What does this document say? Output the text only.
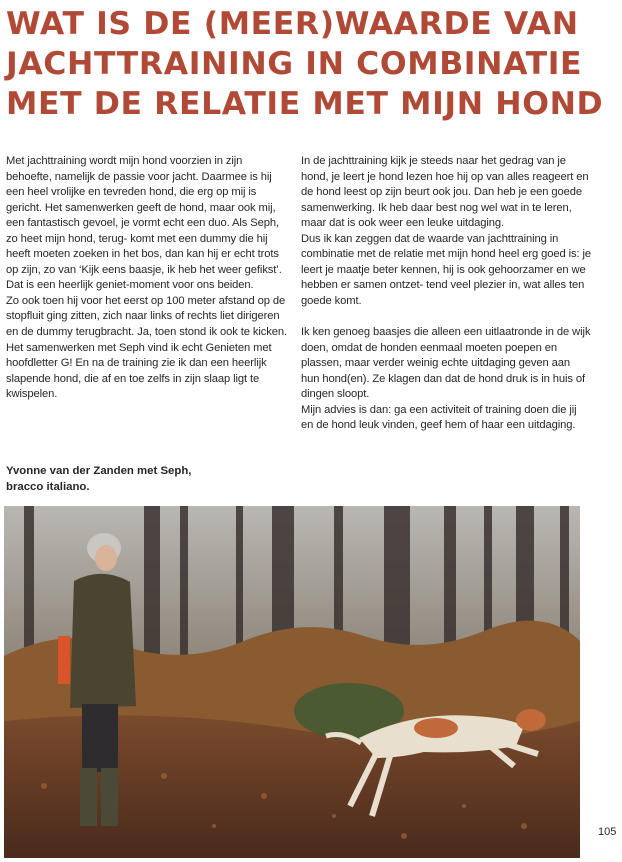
WAT IS DE (MEER)WAARDE VAN JACHTTRAINING IN COMBINATIE MET DE RELATIE MET MIJN HOND

Met jachttraining wordt mijn hond voorzien in zijn behoefte, namelijk de passie voor jacht. Daarmee is hij een heel vrolijke en tevreden hond, die erg op mij is gericht. Het samenwerken geeft de hond, maar ook mij, een fantastisch gevoel, je vormt echt een duo. Als Seph, zo heet mijn hond, terug- komt met een dummy die hij heeft moeten zoeken in het bos, dan kan hij er echt trots op zijn, zo van ‘Kijk eens baasje, ik heb het weer gefikst’. Dat is een heerlijk geniet-moment voor ons beiden.

Zo ook toen hij voor het eerst op 100 meter afstand op de stopfluit ging zitten, zich naar links of rechts liet dirigeren en de dummy terugbracht. Ja, toen stond ik ook te kicken. Het samenwerken met Seph vind ik echt Genieten met hoofdletter G! En na de training zie ik dan een heerlijk slapende hond, die af en toe zelfs in zijn slaap ligt te kwispelen.

In de jachttraining kijk je steeds naar het gedrag van je hond, je leert je hond lezen hoe hij op van alles reageert en de hond leest op zijn beurt ook jou. Dan heb je een goede samenwerking. Ik heb daar best nog wel wat in te leren, maar dat is ook weer een leuke uitdaging.

Dus ik kan zeggen dat de waarde van jachttraining in combinatie met de relatie met mijn hond heel erg goed is: je leert je maatje beter kennen, hij is ook gehoorzamer en we hebben er samen ontzet- tend veel plezier in, wat alles ten goede komt.

Ik ken genoeg baasjes die alleen een uitlaatronde in de wijk doen, omdat de honden eenmaal moeten poepen en plassen, maar verder weinig echte uitdaging geven aan hun hond(en). Ze klagen dan dat de hond druk is in huis of dingen sloopt.

Mijn advies is dan: ga een activiteit of training doen die jij en de hond leuk vinden, geef hem of haar een uitdaging.

Yvonne van der Zanden met Seph,
bracco italiano.
105
